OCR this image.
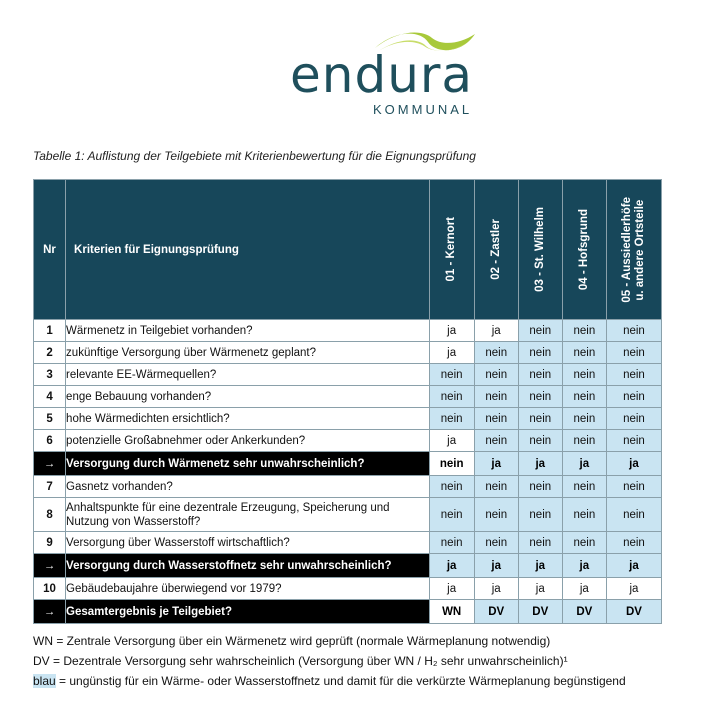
endura
KOMMUNAL
Tabelle 1: Auflistung der Teilgebiete mit Kriterienbewertung für die Eignungsprüfung
Nr	Kriterien für Eignungsprüfung	01 - Kernort	02 - Zastler	03 - St. Wilhelm	04 - Hofsgrund	05 - Aussiedlerhöfe
u. andere Ortsteile

1	Wärmenetz in Teilgebiet vorhanden?	ja	ja	nein	nein	nein
2	zukünftige Versorgung über Wärmenetz geplant?	ja	nein	nein	nein	nein
3	relevante EE-Wärmequellen?	nein	nein	nein	nein	nein
4	enge Bebauung vorhanden?	nein	nein	nein	nein	nein
5	hohe Wärmedichten ersichtlich?	nein	nein	nein	nein	nein
6	potenzielle Großabnehmer oder Ankerkunden?	ja	nein	nein	nein	nein
→	Versorgung durch Wärmenetz sehr unwahrscheinlich?	nein	ja	ja	ja	ja
7	Gasnetz vorhanden?	nein	nein	nein	nein	nein
8	Anhaltspunkte für eine dezentrale Erzeugung, Speicherung und
Nutzung von Wasserstoff?	nein	nein	nein	nein	nein
9	Versorgung über Wasserstoff wirtschaftlich?	nein	nein	nein	nein	nein
→	Versorgung durch Wasserstoffnetz sehr unwahrscheinlich?	ja	ja	ja	ja	ja
10	Gebäudebaujahre überwiegend vor 1979?	ja	ja	ja	ja	ja
→	Gesamtergebnis je Teilgebiet?	WN	DV	DV	DV	DV
WN = Zentrale Versorgung über ein Wärmenetz wird geprüft (normale Wärmeplanung notwendig)
DV = Dezentrale Versorgung sehr wahrscheinlich (Versorgung über WN / H₂ sehr unwahrscheinlich)¹
blau = ungünstig für ein Wärme- oder Wasserstoffnetz und damit für die verkürzte Wärmeplanung begünstigend
